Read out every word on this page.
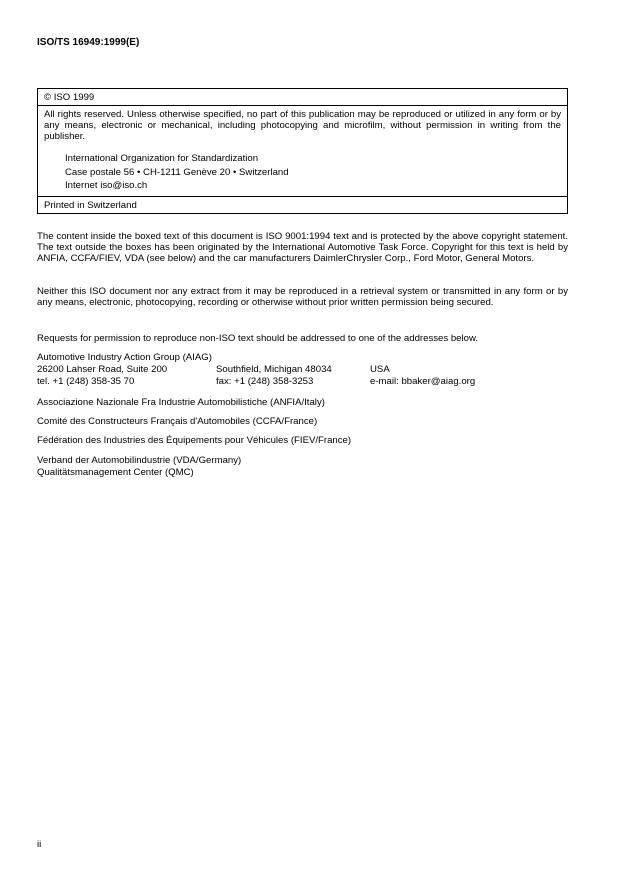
ISO/TS 16949:1999(E)
© ISO 1999
All rights reserved. Unless otherwise specified, no part of this publication may be reproduced or utilized in any form or by any means, electronic or mechanical, including photocopying and microfilm, without permission in writing from the publisher.
International Organization for Standardization
Case postale 56 • CH-1211 Genève 20 • Switzerland
Internet iso@iso.ch
Printed in Switzerland
The content inside the boxed text of this document is ISO 9001:1994 text and is protected by the above copyright statement. The text outside the boxes has been originated by the International Automotive Task Force. Copyright for this text is held by ANFIA, CCFA/FIEV, VDA (see below) and the car manufacturers DaimlerChrysler Corp., Ford Motor, General Motors.
Neither this ISO document nor any extract from it may be reproduced in a retrieval system or transmitted in any form or by any means, electronic, photocopying, recording or otherwise without prior written permission being secured.
Requests for permission to reproduce non-ISO text should be addressed to one of the addresses below.
Automotive Industry Action Group (AIAG)
26200 Lahser Road, Suite 200	Southfield, Michigan 48034	USA
tel. +1 (248) 358-35 70	fax: +1 (248) 358-3253	e-mail: bbaker@aiag.org
Associazione Nazionale Fra Industrie Automobilistiche (ANFIA/Italy)
Comité des Constructeurs Français d'Automobiles (CCFA/France)
Fédération des Industries des Équipements pour Véhicules (FIEV/France)
Verband der Automobilindustrie (VDA/Germany)
Qualitätsmanagement Center (QMC)
ii
